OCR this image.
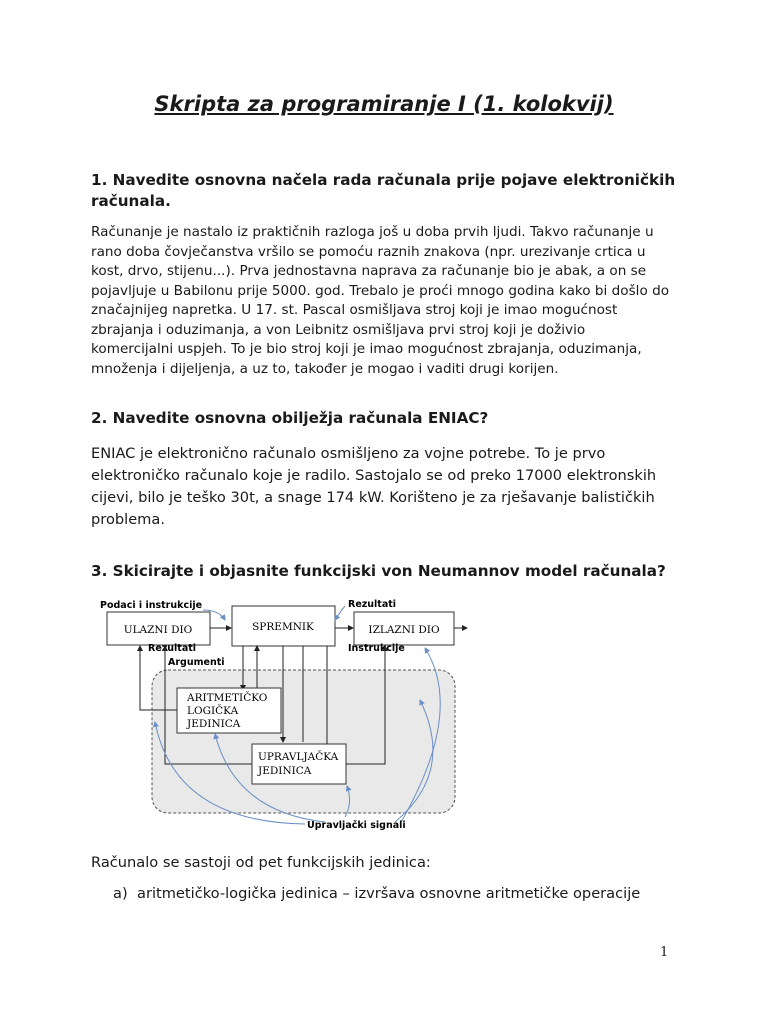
Skripta za programiranje I (1. kolokvij)

1. Navedite osnovna načela rada računala prije pojave elektroničkih

računala.

Računanje je nastalo iz praktičnih razloga još u doba prvih ljudi. Takvo računanje u

rano doba čovječanstva vršilo se pomoću raznih znakova (npr. urezivanje crtica u

kost, drvo, stijenu...). Prva jednostavna naprava za računanje bio je abak, a on se

pojavljuje u Babilonu prije 5000. god. Trebalo je proći mnogo godina kako bi došlo do

značajnijeg napretka. U 17. st. Pascal osmišljava stroj koji je imao mogućnost

zbrajanja i oduzimanja, a von Leibnitz osmišljava prvi stroj koji je doživio

komercijalni uspjeh. To je bio stroj koji je imao mogućnost zbrajanja, oduzimanja,

množenja i dijeljenja, a uz to, također je mogao i vaditi drugi korijen.

2. Navedite osnovna obilježja računala ENIAC?

ENIAC je elektronično računalo osmišljeno za vojne potrebe. To je prvo

elektroničko računalo koje je radilo. Sastojalo se od preko 17000 elektronskih

cijevi, bilo je teško 30t, a snage 174 kW. Korišteno je za rješavanje balističkih

problema.

3. Skicirajte i objasnite funkcijski von Neumannov model računala?

ULAZNI DIO	SPREMNIK	IZLAZNI DIO
Podaci i instrukcije	Rezultati
Rezultati
Argumenti
Instrukcije
ARITMETIČKO
LOGIČKA
JEDINICA
UPRAVLJAČKA
JEDINICA
Upravljački signali

Računalo se sastoji od pet funkcijskih jedinica:

a) aritmetičko-logička jedinica – izvršava osnovne aritmetičke operacije

1
